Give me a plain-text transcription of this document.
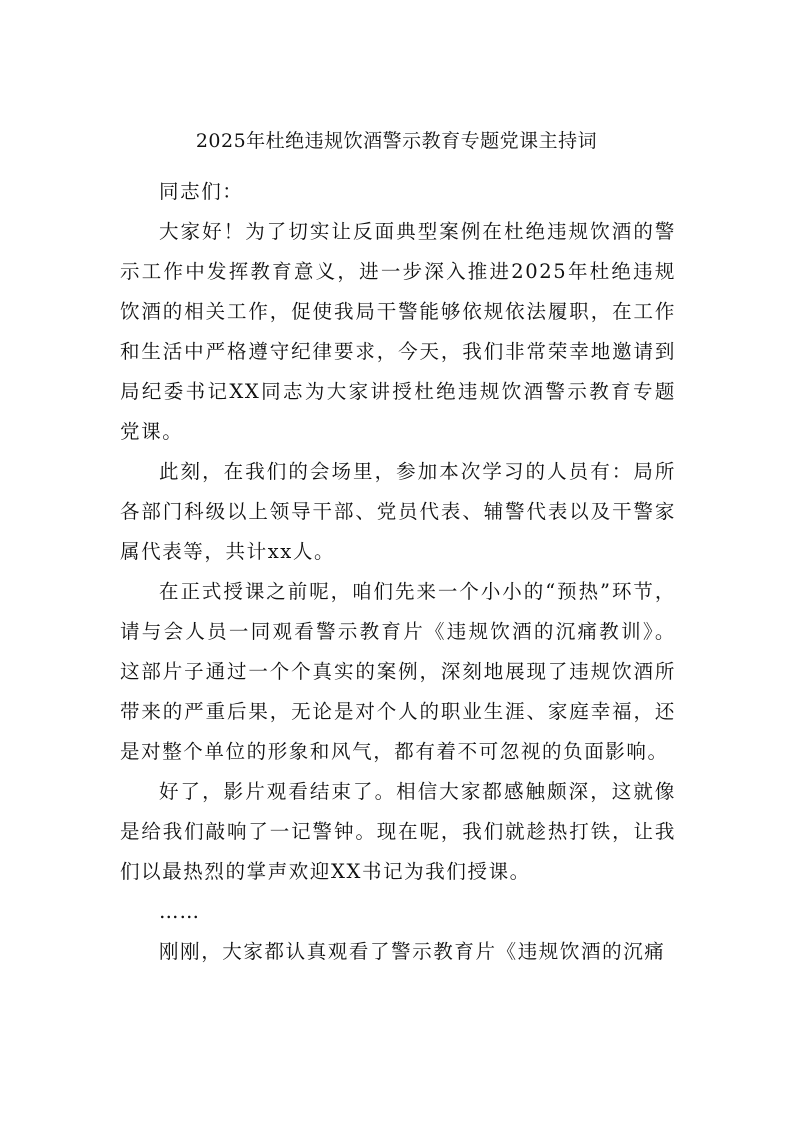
2025年杜绝违规饮酒警示教育专题党课主持词

同志们：

大家好！为了切实让反面典型案例在杜绝违规饮酒的警示工作中发挥教育意义，进一步深入推进2025年杜绝违规饮酒的相关工作，促使我局干警能够依规依法履职，在工作和生活中严格遵守纪律要求，今天，我们非常荣幸地邀请到局纪委书记XX同志为大家讲授杜绝违规饮酒警示教育专题党课。

此刻，在我们的会场里，参加本次学习的人员有：局所各部门科级以上领导干部、党员代表、辅警代表以及干警家属代表等，共计xx人。

在正式授课之前呢，咱们先来一个小小的“预热”环节，请与会人员一同观看警示教育片《违规饮酒的沉痛教训》。这部片子通过一个个真实的案例，深刻地展现了违规饮酒所带来的严重后果，无论是对个人的职业生涯、家庭幸福，还是对整个单位的形象和风气，都有着不可忽视的负面影响。

好了，影片观看结束了。相信大家都感触颇深，这就像是给我们敲响了一记警钟。现在呢，我们就趁热打铁，让我们以最热烈的掌声欢迎XX书记为我们授课。

……

刚刚，大家都认真观看了警示教育片《违规饮酒的沉痛
